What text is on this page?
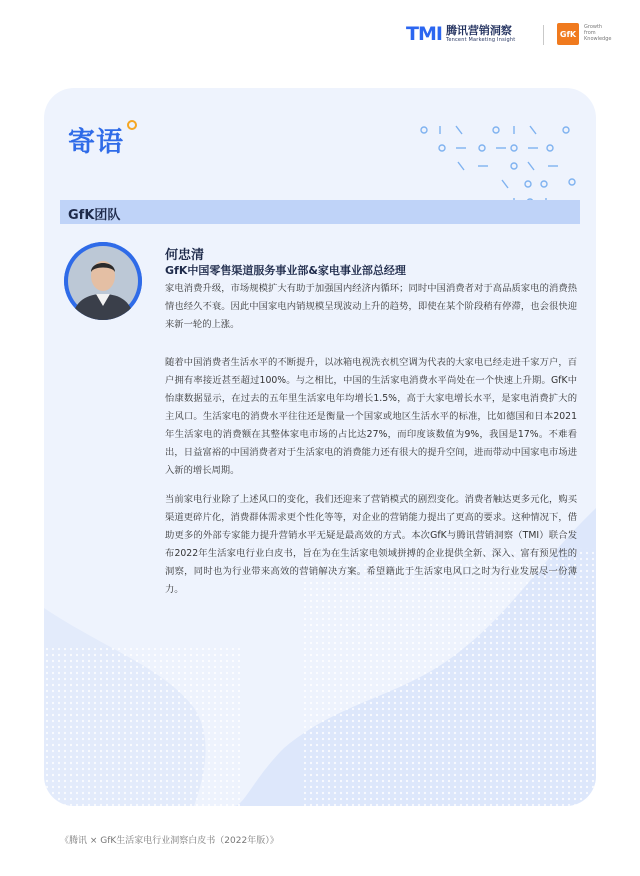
TMI 腾讯营销洞察
Tencent Marketing Insight
GfK
Growth
from
Knowledge
寄语
GfK团队
何忠清
GfK中国零售渠道服务事业部&家电事业部总经理

家电消费升级，市场规模扩大有助于加强国内经济内循环；同时中国消费者对于高品质家电的消费热情也经久不衰。因此中国家电内销规模呈现波动上升的趋势，即使在某个阶段稍有停滞，也会很快迎来新一轮的上涨。

随着中国消费者生活水平的不断提升，以冰箱电视洗衣机空调为代表的大家电已经走进千家万户，百户拥有率接近甚至超过100%。与之相比，中国的生活家电消费水平尚处在一个快速上升期。GfK中怡康数据显示，在过去的五年里生活家电年均增长1.5%，高于大家电增长水平，是家电消费扩大的主风口。生活家电的消费水平往往还是衡量一个国家或地区生活水平的标准，比如德国和日本2021年生活家电的消费额在其整体家电市场的占比达27%，而印度该数值为9%，我国是17%。不难看出，日益富裕的中国消费者对于生活家电的消费能力还有很大的提升空间，进而带动中国家电市场进入新的增长周期。

当前家电行业除了上述风口的变化，我们还迎来了营销模式的剧烈变化。消费者触达更多元化，购买渠道更碎片化，消费群体需求更个性化等等，对企业的营销能力提出了更高的要求。这种情况下，借助更多的外部专家能力提升营销水平无疑是最高效的方式。本次GfK与腾讯营销洞察（TMI）联合发布2022年生活家电行业白皮书，旨在为在生活家电领域拼搏的企业提供全新、深入、富有预见性的洞察，同时也为行业带来高效的营销解决方案。希望籍此于生活家电风口之时为行业发展尽一份薄力。

《腾讯 × GfK生活家电行业洞察白皮书（2022年版）》
